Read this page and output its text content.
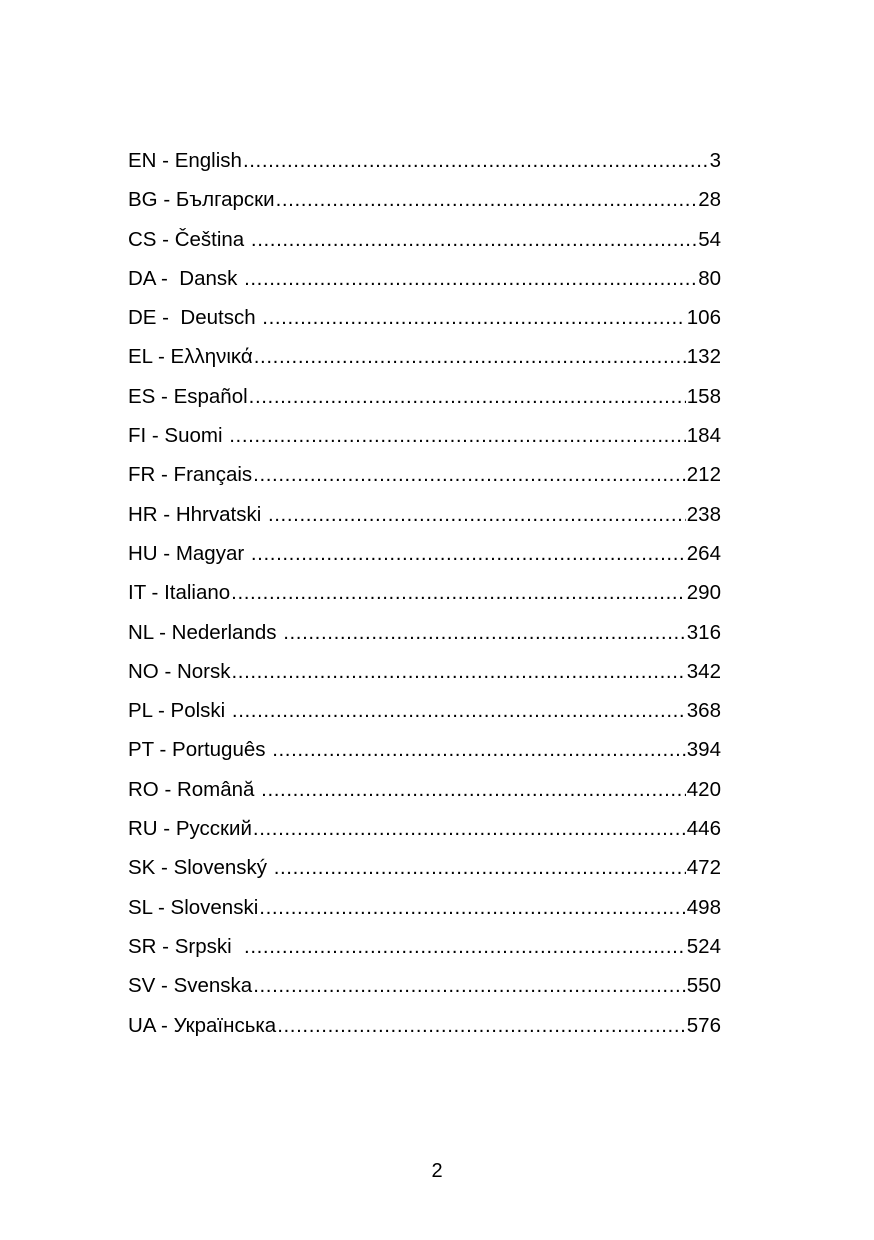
EN - English .....	3
BG - Български .....	28
CS - Čeština .....	54
DA -  Dansk .....	80
DE -  Deutsch .....	106
EL - Ελληνικά .....	132
ES - Español .....	158
FI - Suomi .....	184
FR - Français .....	212
HR - Hhrvatski .....	238
HU - Magyar .....	264
IT - Italiano .....	290
NL - Nederlands .....	316
NO - Norsk .....	342
PL - Polski .....	368
PT - Português .....	394
RO - Română .....	420
RU - Русский .....	446
SK - Slovenský .....	472
SL - Slovenski .....	498
SR - Srpski .....	524
SV - Svenska .....	550
UA - Українська .....	576
2
